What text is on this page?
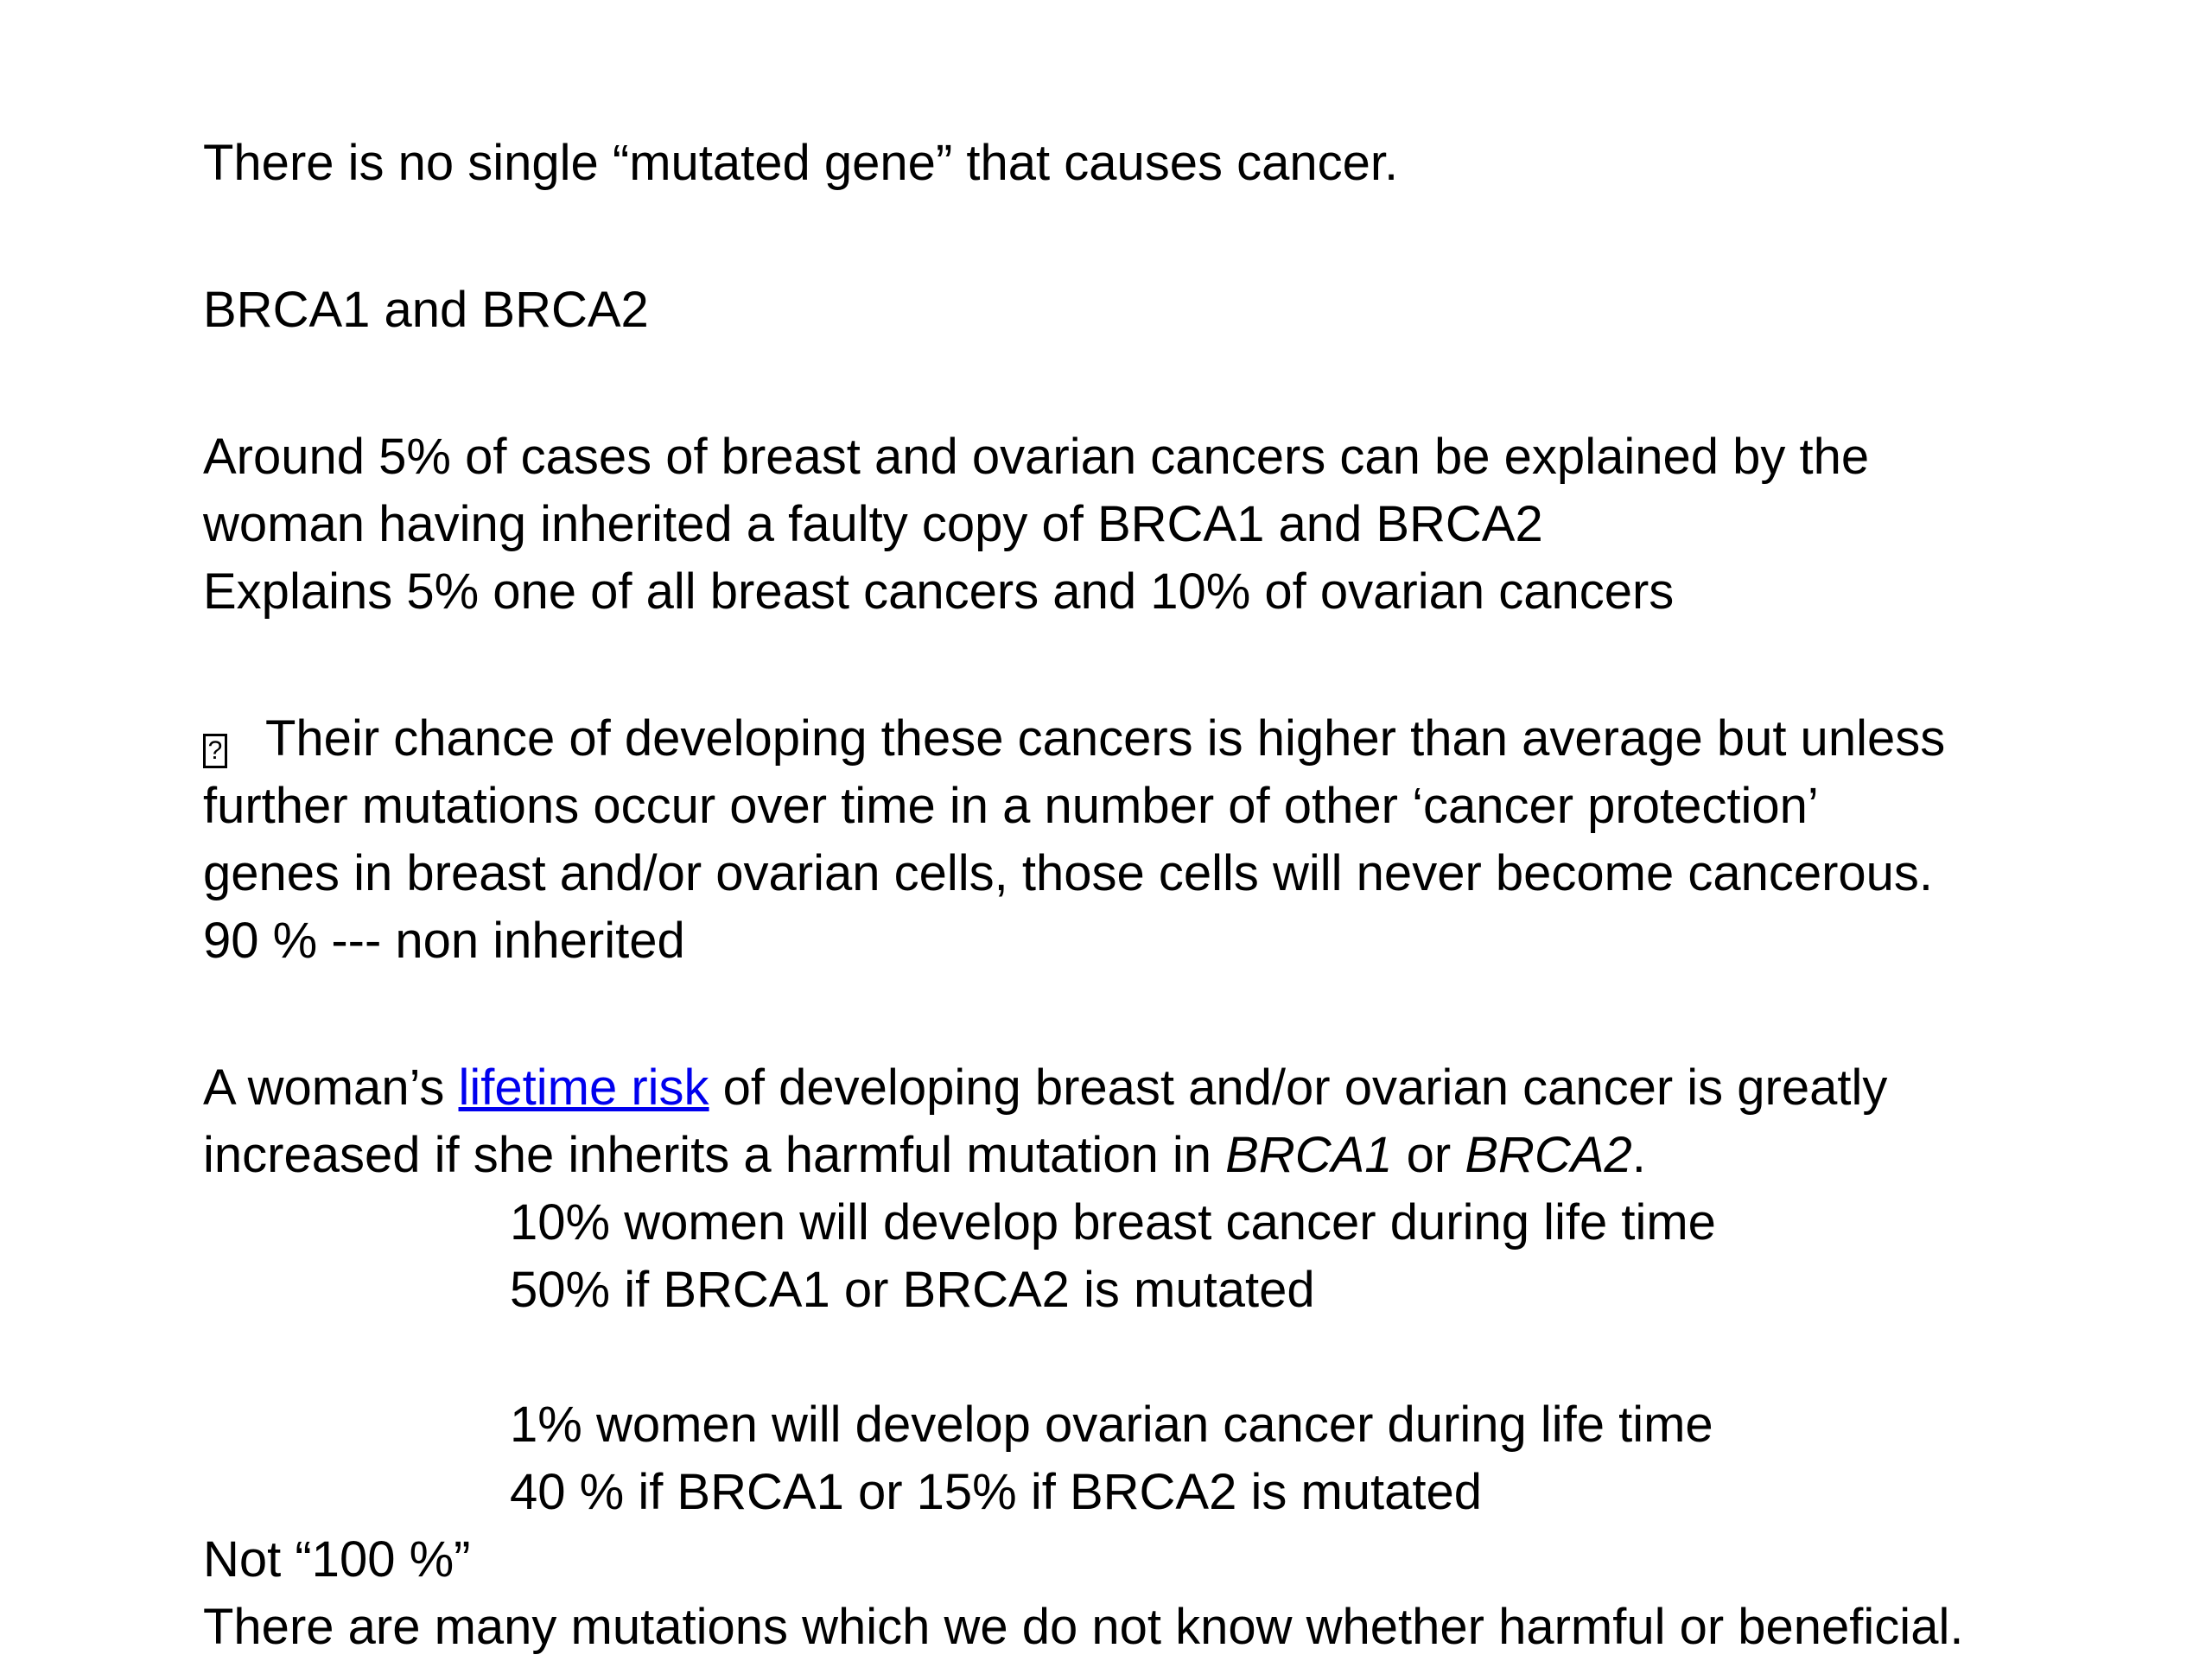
There is no single “mutated gene” that causes cancer.
BRCA1 and BRCA2
Around 5% of cases of breast and ovarian cancers can be explained by the
woman having inherited a faulty copy of BRCA1 and BRCA2
Explains 5% one of all breast cancers and 10% of ovarian cancers
? Their chance of developing these cancers is higher than average but unless
further mutations occur over time in a number of other ‘cancer protection’
genes in breast and/or ovarian cells, those cells will never become cancerous.
90 % --- non inherited
A woman’s lifetime risk of developing breast and/or ovarian cancer is greatly
increased if she inherits a harmful mutation in BRCA1 or BRCA2.
10% women will develop breast cancer during life time
50% if BRCA1 or BRCA2 is mutated
1% women will develop ovarian cancer during life time
40 % if BRCA1 or 15% if BRCA2 is mutated
Not “100 %”
There are many mutations which we do not know whether harmful or beneficial.
